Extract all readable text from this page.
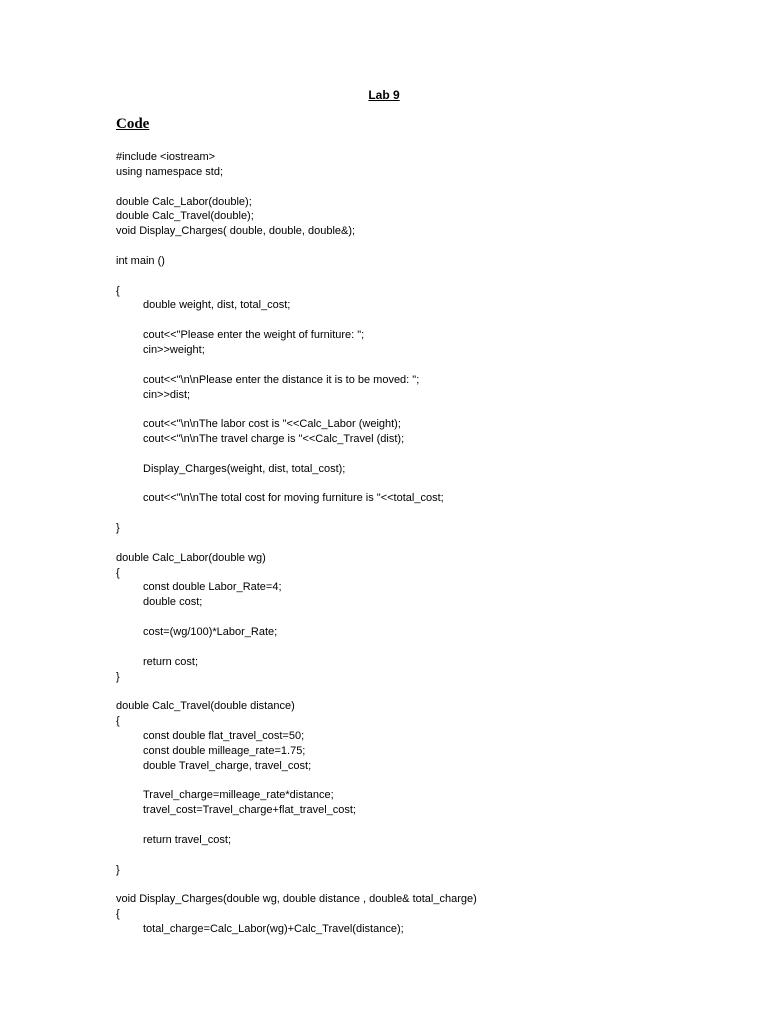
Lab 9
Code
#include <iostream>
using namespace std;
double Calc_Labor(double);
double Calc_Travel(double);
void Display_Charges( double, double, double&);
int main ()
{
double weight, dist, total_cost;
cout<<"Please enter the weight of furniture: ";
cin>>weight;
cout<<"\n\nPlease enter the distance it is to be moved: ";
cin>>dist;
cout<<"\n\nThe labor cost is "<<Calc_Labor (weight);
cout<<"\n\nThe travel charge is "<<Calc_Travel (dist);
Display_Charges(weight, dist, total_cost);
cout<<"\n\nThe total cost for moving furniture is "<<total_cost;
}
double Calc_Labor(double wg)
{
const double Labor_Rate=4;
double cost;
cost=(wg/100)*Labor_Rate;
return cost;
}
double Calc_Travel(double distance)
{
const double flat_travel_cost=50;
const double milleage_rate=1.75;
double Travel_charge, travel_cost;
Travel_charge=milleage_rate*distance;
travel_cost=Travel_charge+flat_travel_cost;
return travel_cost;
}
void Display_Charges(double wg, double distance , double& total_charge)
{
total_charge=Calc_Labor(wg)+Calc_Travel(distance);
